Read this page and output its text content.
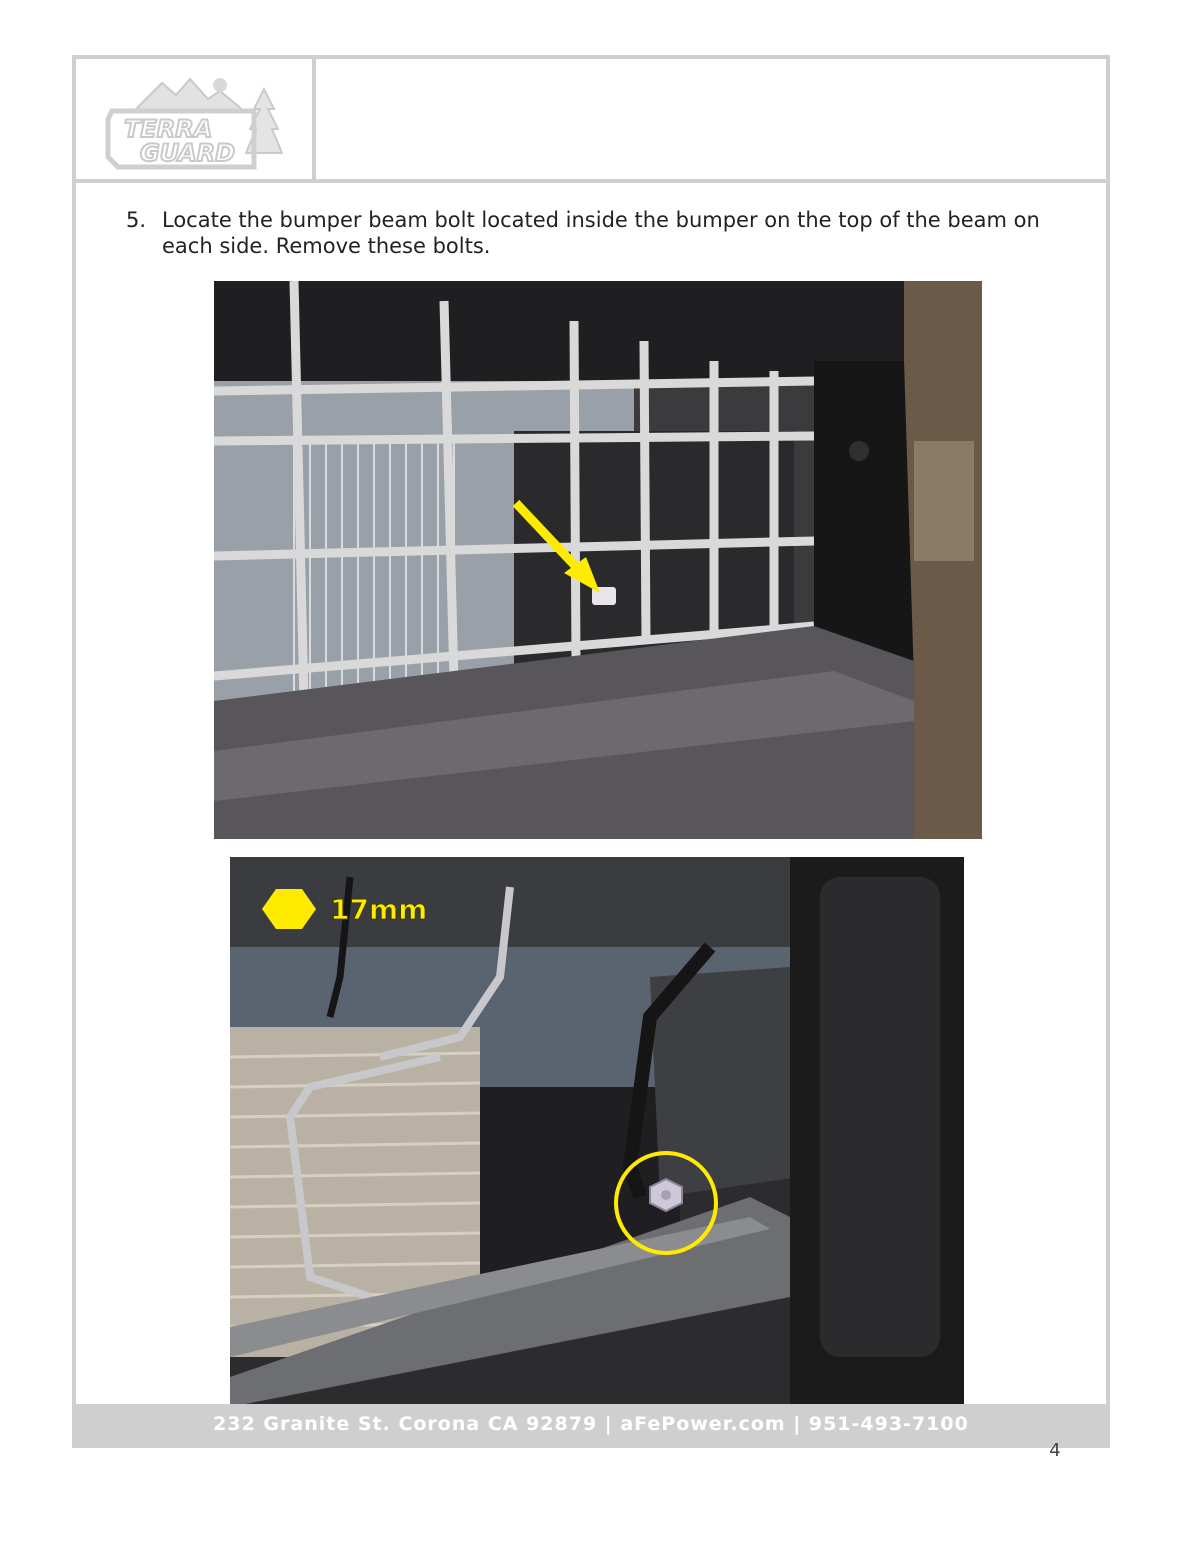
TERRA
GUARD
5. Locate the bumper beam bolt located inside the bumper on the top of the beam on each side. Remove these bolts.
17mm
232 Granite St. Corona CA 92879 | aFePower.com | 951-493-7100
4
